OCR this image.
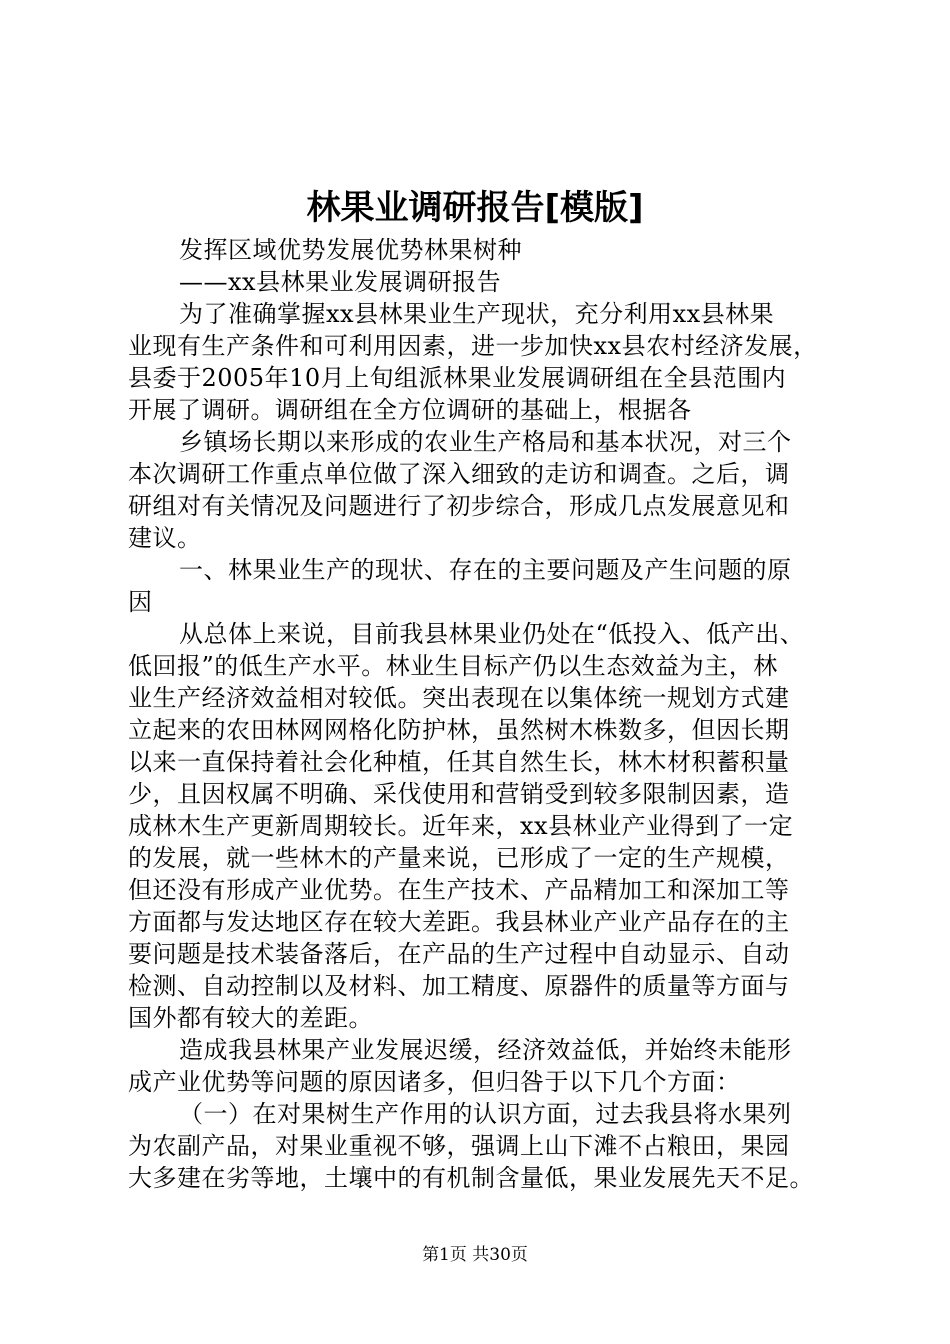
林果业调研报告[模版]
发挥区域优势发展优势林果树种
——xx县林果业发展调研报告
为了准确掌握xx县林果业生产现状，充分利用xx县林果
业现有生产条件和可利用因素，进一步加快xx县农村经济发展，
县委于2005年10月上旬组派林果业发展调研组在全县范围内
开展了调研。调研组在全方位调研的基础上，根据各
乡镇场长期以来形成的农业生产格局和基本状况，对三个
本次调研工作重点单位做了深入细致的走访和调查。之后，调
研组对有关情况及问题进行了初步综合，形成几点发展意见和
建议。
一、林果业生产的现状、存在的主要问题及产生问题的原
因
从总体上来说，目前我县林果业仍处在“低投入、低产出、
低回报”的低生产水平。林业生目标产仍以生态效益为主，林
业生产经济效益相对较低。突出表现在以集体统一规划方式建
立起来的农田林网网格化防护林，虽然树木株数多，但因长期
以来一直保持着社会化种植，任其自然生长，林木材积蓄积量
少，且因权属不明确、采伐使用和营销受到较多限制因素，造
成林木生产更新周期较长。近年来，xx县林业产业得到了一定
的发展，就一些林木的产量来说，已形成了一定的生产规模，
但还没有形成产业优势。在生产技术、产品精加工和深加工等
方面都与发达地区存在较大差距。我县林业产业产品存在的主
要问题是技术装备落后，在产品的生产过程中自动显示、自动
检测、自动控制以及材料、加工精度、原器件的质量等方面与
国外都有较大的差距。
造成我县林果产业发展迟缓，经济效益低，并始终未能形
成产业优势等问题的原因诸多，但归咎于以下几个方面：
（一）在对果树生产作用的认识方面，过去我县将水果列
为农副产品，对果业重视不够，强调上山下滩不占粮田，果园
大多建在劣等地，土壤中的有机制含量低，果业发展先天不足。
第1页 共30页
